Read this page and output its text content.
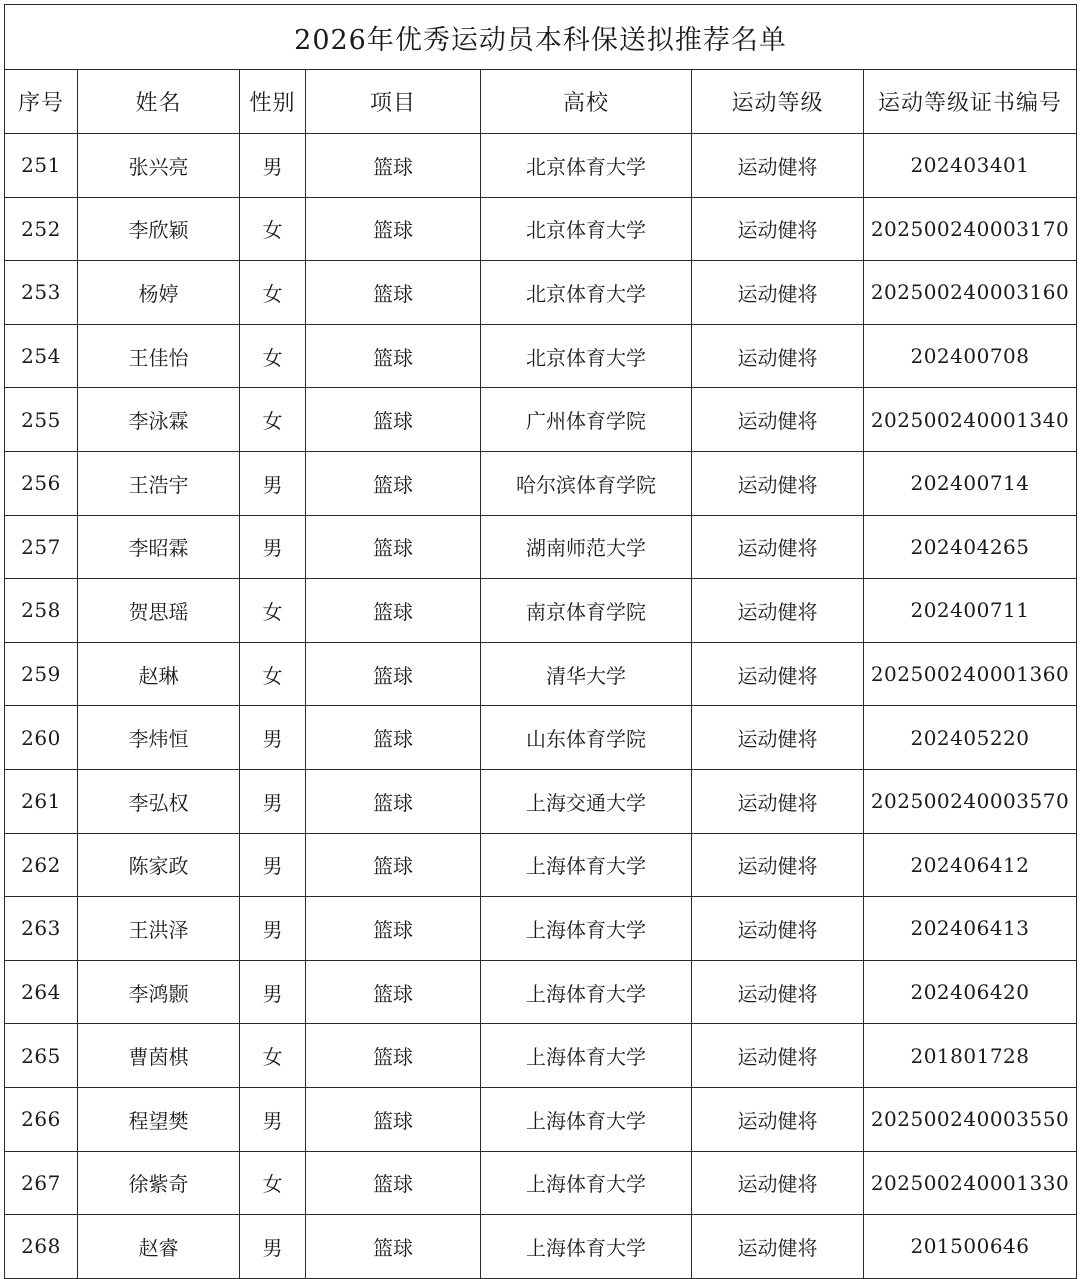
2026年优秀运动员本科保送拟推荐名单						
序号	姓名	性别	项目	高校	运动等级	运动等级证书编号
251	张兴亮	男	篮球	北京体育大学	运动健将	202403401
252	李欣颖	女	篮球	北京体育大学	运动健将	202500240003170
253	杨婷	女	篮球	北京体育大学	运动健将	202500240003160
254	王佳怡	女	篮球	北京体育大学	运动健将	202400708
255	李泳霖	女	篮球	广州体育学院	运动健将	202500240001340
256	王浩宇	男	篮球	哈尔滨体育学院	运动健将	202400714
257	李昭霖	男	篮球	湖南师范大学	运动健将	202404265
258	贺思瑶	女	篮球	南京体育学院	运动健将	202400711
259	赵琳	女	篮球	清华大学	运动健将	202500240001360
260	李炜恒	男	篮球	山东体育学院	运动健将	202405220
261	李弘权	男	篮球	上海交通大学	运动健将	202500240003570
262	陈家政	男	篮球	上海体育大学	运动健将	202406412
263	王洪泽	男	篮球	上海体育大学	运动健将	202406413
264	李鸿颢	男	篮球	上海体育大学	运动健将	202406420
265	曹茵棋	女	篮球	上海体育大学	运动健将	201801728
266	程望樊	男	篮球	上海体育大学	运动健将	202500240003550
267	徐紫奇	女	篮球	上海体育大学	运动健将	202500240001330
268	赵睿	男	篮球	上海体育大学	运动健将	201500646
